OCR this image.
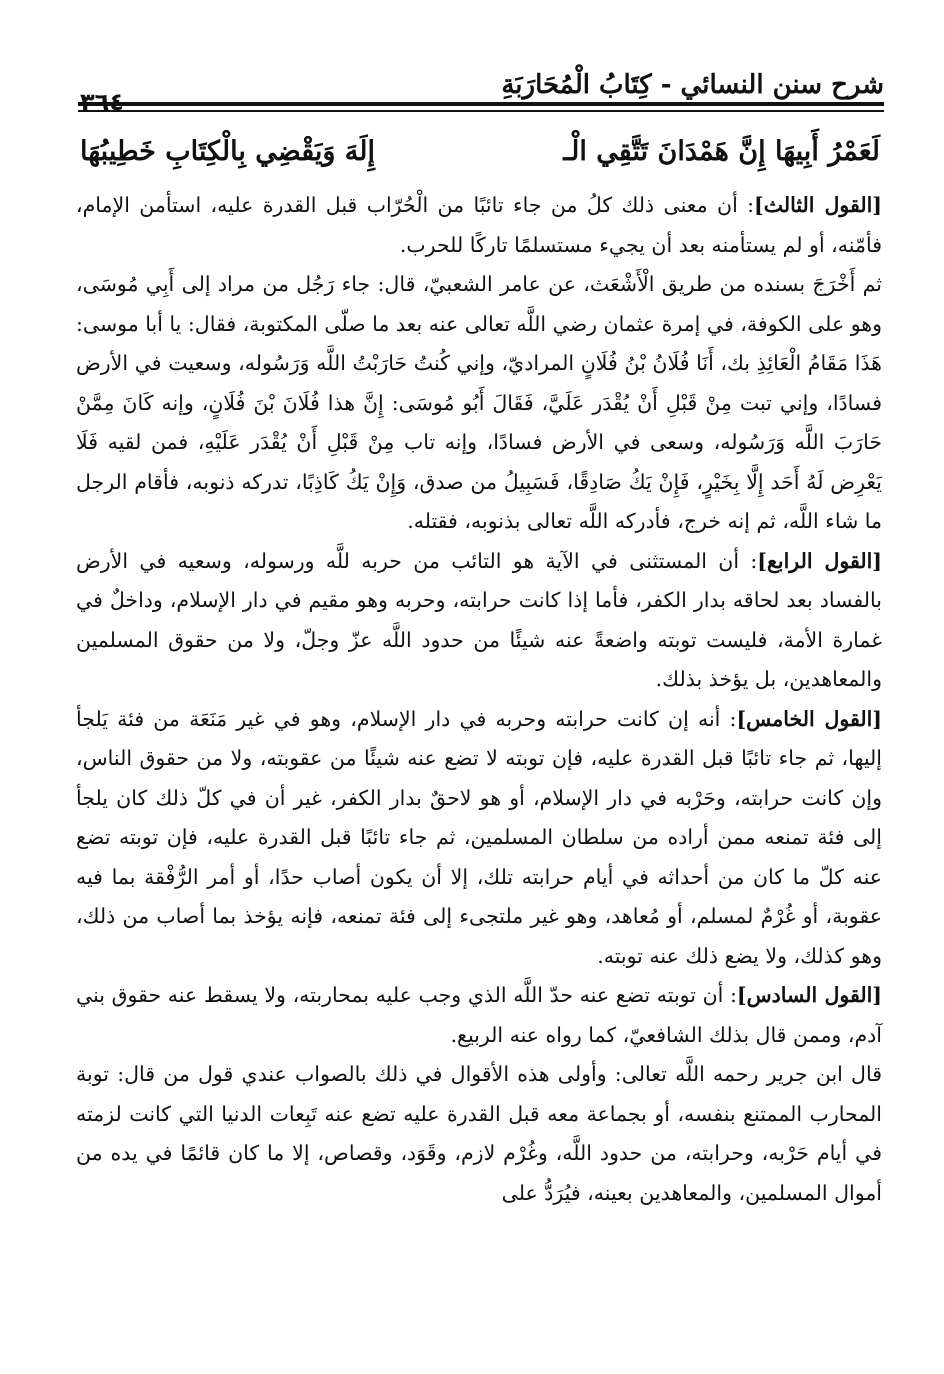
شرح سنن النسائي - كِتَابُ الْمُحَارَبَةِ
لَعَمْرُ أَبِيهَا إِنَّ هَمْدَانَ تَتَّقِي الْـ
إِلَهَ وَيَقْضِي بِالْكِتَابِ خَطِيبُهَا

[القول الثالث]: أن معنى ذلك كلُ من جاء تائبًا من الْحُرّاب قبل القدرة عليه، استأمن الإمام، فأمّنه، أو لم يستأمنه بعد أن يجيء مستسلمًا تاركًا للحرب.

ثم أَخْرَجَ بسنده من طريق الْأَشْعَث، عن عامر الشعبيّ، قال: جاء رَجُل من مراد إلى أَبِي مُوسَى، وهو على الكوفة، في إمرة عثمان رضي اللَّه تعالى عنه بعد ما صلّى المكتوبة، فقال: يا أبا موسى: هَذَا مَقَامُ الْعَائِذِ بك، أَنَا فُلَانُ بْنُ فُلَانٍ المراديّ، وإني كُنتُ حَارَبْتُ اللَّه وَرَسُوله، وسعيت في الأرض فسادًا، وإني تبت مِنْ قَبْلِ أَنْ يُقْدَر عَلَيَّ، فَقَالَ أَبُو مُوسَى: إِنَّ هذا فُلَانَ بْنَ فُلَانٍ، وإنه كَانَ مِمَّنْ حَارَبَ اللَّه وَرَسُوله، وسعى في الأرض فسادًا، وإنه تاب مِنْ قَبْلِ أَنْ يُقْدَر عَلَيْهِ، فمن لقيه فَلَا يَعْرِض لَهُ أَحَد إِلَّا بِخَيْرٍ، فَإِنْ يَكُ صَادِقًا، فَسَبِيلُ من صدق، وَإِنْ يَكُ كَاذِبًا، تدركه ذنوبه، فأقام الرجل ما شاء اللَّه، ثم إنه خرج، فأدركه اللَّه تعالى بذنوبه، فقتله.

[القول الرابع]: أن المستثنى في الآية هو التائب من حربه للَّه ورسوله، وسعيه في الأرض بالفساد بعد لحاقه بدار الكفر، فأما إذا كانت حرابته، وحربه وهو مقيم في دار الإسلام، وداخلٌ في غمارة الأمة، فليست توبته واضعةً عنه شيئًا من حدود اللَّه عزّ وجلّ، ولا من حقوق المسلمين والمعاهدين، بل يؤخذ بذلك.

[القول الخامس]: أنه إن كانت حرابته وحربه في دار الإسلام، وهو في غير مَنَعَة من فئة يَلجأ إليها، ثم جاء تائبًا قبل القدرة عليه، فإن توبته لا تضع عنه شيئًا من عقوبته، ولا من حقوق الناس، وإن كانت حرابته، وحَرْبه في دار الإسلام، أو هو لاحقٌ بدار الكفر، غير أن في كلّ ذلك كان يلجأ إلى فئة تمنعه ممن أراده من سلطان المسلمين، ثم جاء تائبًا قبل القدرة عليه، فإن توبته تضع عنه كلّ ما كان من أحداثه في أيام حرابته تلك، إلا أن يكون أصاب حدًا، أو أمر الرُّفْقة بما فيه عقوبة، أو غُرْمٌ لمسلم، أو مُعاهد، وهو غير ملتجىء إلى فئة تمنعه، فإنه يؤخذ بما أصاب من ذلك، وهو كذلك، ولا يضع ذلك عنه توبته.

[القول السادس]: أن توبته تضع عنه حدّ اللَّه الذي وجب عليه بمحاربته، ولا يسقط عنه حقوق بني آدم، وممن قال بذلك الشافعيّ، كما رواه عنه الربيع.

قال ابن جرير رحمه اللَّه تعالى: وأولى هذه الأقوال في ذلك بالصواب عندي قول من قال: توبة المحارب الممتنع بنفسه، أو بجماعة معه قبل القدرة عليه تضع عنه تَبِعات الدنيا التي كانت لزمته في أيام حَرْبه، وحرابته، من حدود اللَّه، وغُرْم لازم، وقَوَد، وقصاص، إلا ما كان قائمًا في يده من أموال المسلمين، والمعاهدين بعينه، فيُرَدُّ على

٣٦٤
